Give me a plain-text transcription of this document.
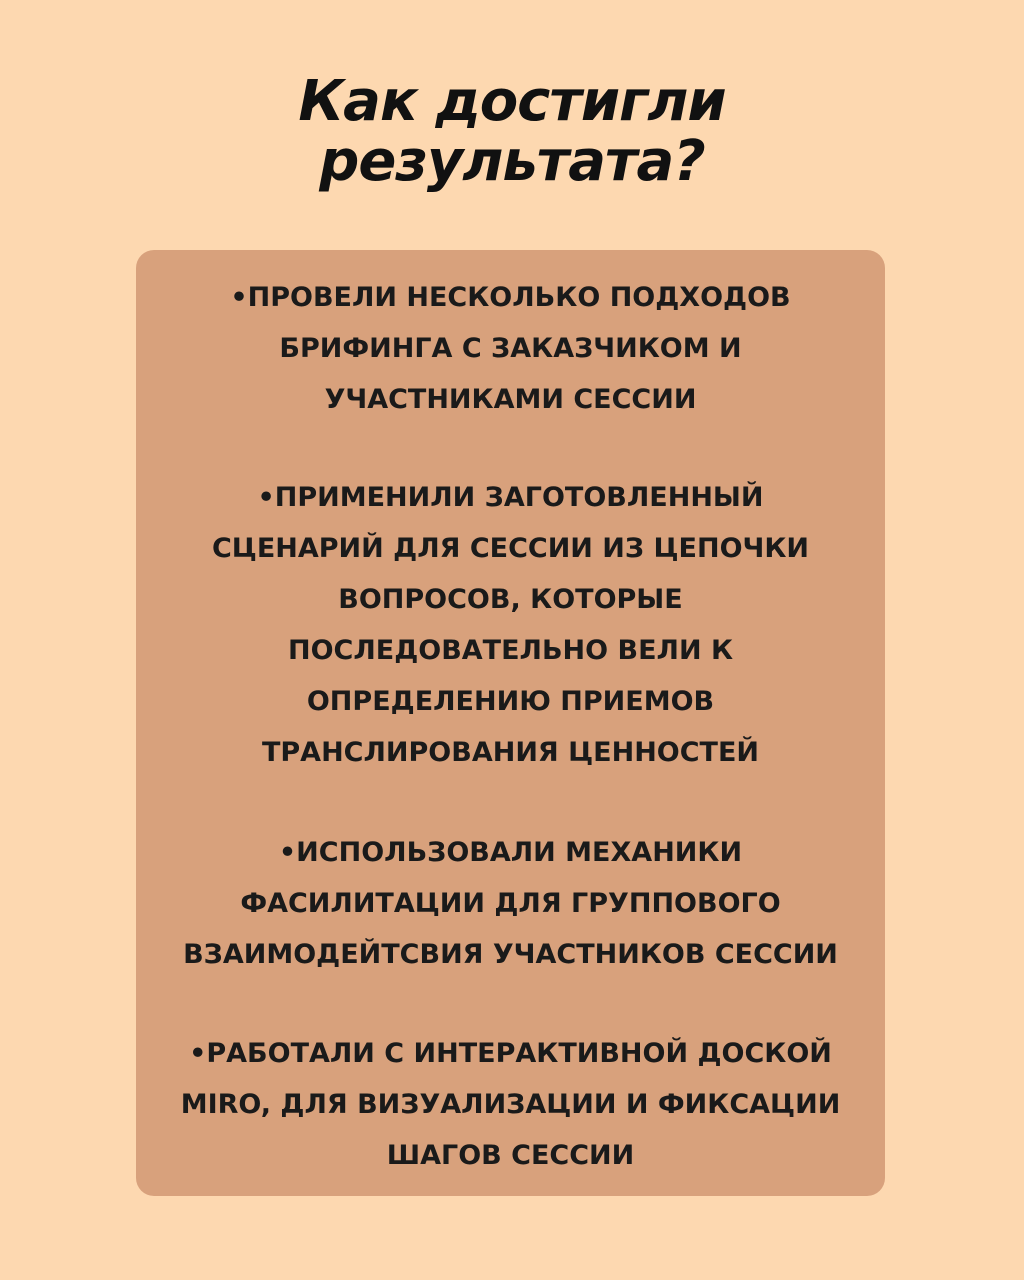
Как достигли
результата?

•ПРОВЕЛИ НЕСКОЛЬКО ПОДХОДОВ
БРИФИНГА С ЗАКАЗЧИКОМ И
УЧАСТНИКАМИ СЕССИИ

•ПРИМЕНИЛИ ЗАГОТОВЛЕННЫЙ
СЦЕНАРИЙ ДЛЯ СЕССИИ ИЗ ЦЕПОЧКИ
ВОПРОСОВ, КОТОРЫЕ
ПОСЛЕДОВАТЕЛЬНО ВЕЛИ К
ОПРЕДЕЛЕНИЮ ПРИЕМОВ
ТРАНСЛИРОВАНИЯ ЦЕННОСТЕЙ

•ИСПОЛЬЗОВАЛИ МЕХАНИКИ
ФАСИЛИТАЦИИ ДЛЯ ГРУППОВОГО
ВЗАИМОДЕЙТСВИЯ УЧАСТНИКОВ СЕССИИ

•РАБОТАЛИ С ИНТЕРАКТИВНОЙ ДОСКОЙ
MIRO, ДЛЯ ВИЗУАЛИЗАЦИИ И ФИКСАЦИИ
ШАГОВ СЕССИИ
